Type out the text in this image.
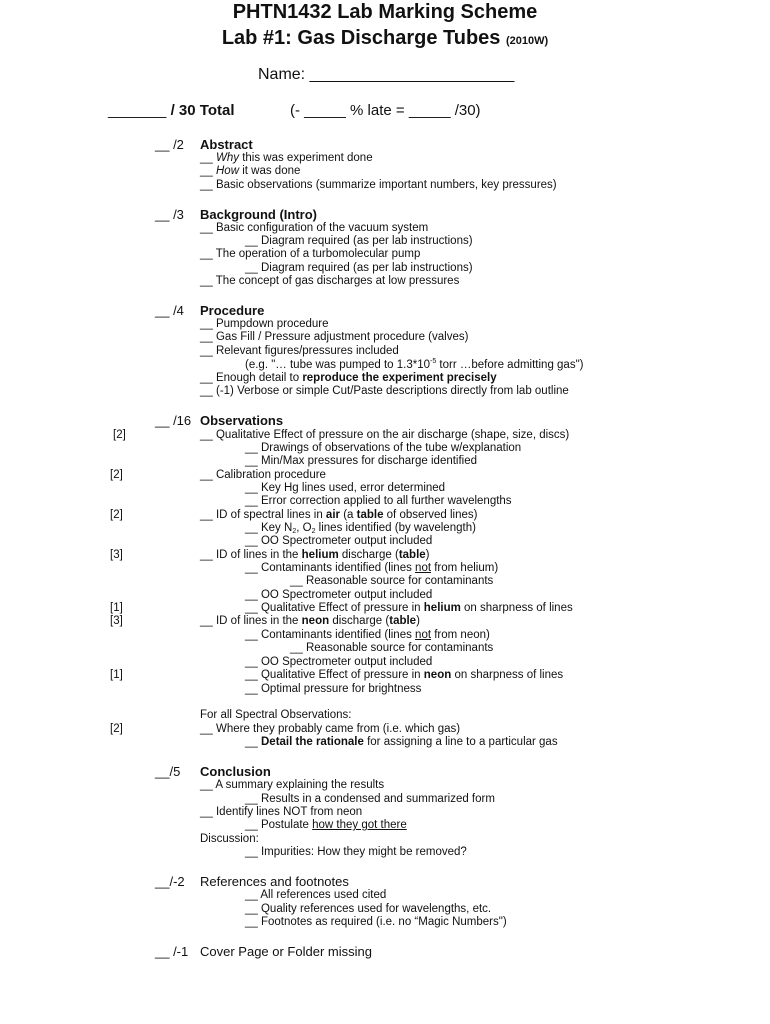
PHTN1432 Lab Marking Scheme
Lab #1: Gas Discharge Tubes (2010W)
Name: _______________________
_______ / 30 Total	(- _____ % late = _____ /30)
__ /2 Abstract
__ Why this was experiment done
__ How it was done
__ Basic observations (summarize important numbers, key pressures)
__ /3 Background (Intro)
__ Basic configuration of the vacuum system
__ Diagram required (as per lab instructions)
__ The operation of a turbomolecular pump
__ Diagram required (as per lab instructions)
__ The concept of gas discharges at low pressures
__ /4 Procedure
__ Pumpdown procedure
__ Gas Fill / Pressure adjustment procedure (valves)
__ Relevant figures/pressures included
(e.g. "… tube was pumped to $1.3*10^{-5}$ torr …before admitting gas")
__ Enough detail to reproduce the experiment precisely
__ (-1) Verbose or simple Cut/Paste descriptions directly from lab outline
__ /16 Observations
[2]	__ Qualitative Effect of pressure on the air discharge (shape, size, discs)
__ Drawings of observations of the tube w/explanation
__ Min/Max pressures for discharge identified
[2]	__ Calibration procedure
__ Key Hg lines used, error determined
__ Error correction applied to all further wavelengths
[2]	__ ID of spectral lines in air (a table of observed lines)
__ Key $N_2$, $O_2$ lines identified (by wavelength)
__ OO Spectrometer output included
[3]	__ ID of lines in the helium discharge (table)
__ Contaminants identified (lines not from helium)
__ Reasonable source for contaminants
__ OO Spectrometer output included
[1]	__ Qualitative Effect of pressure in helium on sharpness of lines
[3]	__ ID of lines in the neon discharge (table)
__ Contaminants identified (lines not from neon)
__ Reasonable source for contaminants
__ OO Spectrometer output included
[1]	__ Qualitative Effect of pressure in neon on sharpness of lines
__ Optimal pressure for brightness
For all Spectral Observations:
[2]	__ Where they probably came from (i.e. which gas)
__ Detail the rationale for assigning a line to a particular gas
__/5 Conclusion
__ A summary explaining the results
__ Results in a condensed and summarized form
__ Identify lines NOT from neon
__ Postulate how they got there
Discussion:
__ Impurities: How they might be removed?
__/-2 References and footnotes
__ All references used cited
__ Quality references used for wavelengths, etc.
__ Footnotes as required (i.e. no “Magic Numbers")
__ /-1 Cover Page or Folder missing
